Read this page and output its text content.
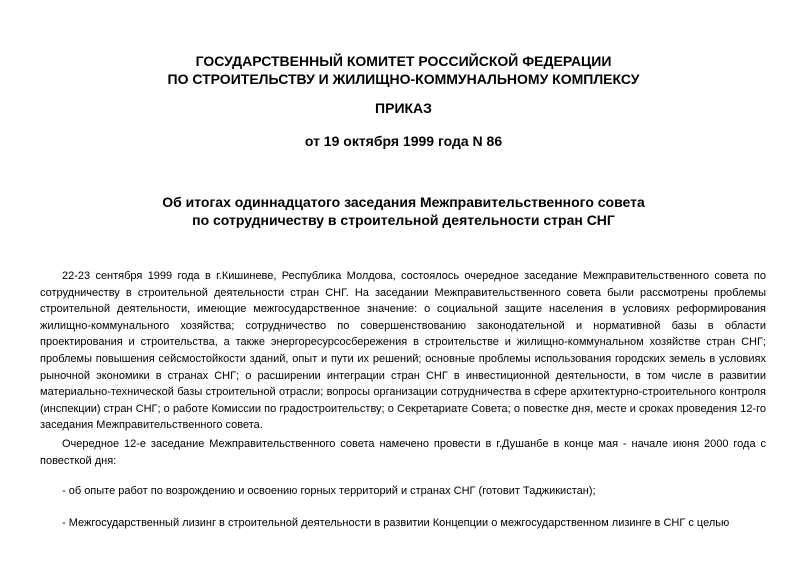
ГОСУДАРСТВЕННЫЙ КОМИТЕТ РОССИЙСКОЙ ФЕДЕРАЦИИ
ПО СТРОИТЕЛЬСТВУ И ЖИЛИЩНО-КОММУНАЛЬНОМУ КОМПЛЕКСУ
ПРИКАЗ
от 19 октября 1999 года N 86
Об итогах одиннадцатого заседания Межправительственного совета
по сотрудничеству в строительной деятельности стран СНГ

22-23 сентября 1999 года в г.Кишиневе, Республика Молдова, состоялось очередное заседание Межправительственного совета по сотрудничеству в строительной деятельности стран СНГ. На заседании Межправительственного совета были рассмотрены проблемы строительной деятельности, имеющие межгосударственное значение: о социальной защите населения в условиях реформирования жилищно-коммунального хозяйства; сотрудничество по совершенствованию законодательной и нормативной базы в области проектирования и строительства, а также энергоресурсосбережения в строительстве и жилищно-коммунальном хозяйстве стран СНГ; проблемы повышения сейсмостойкости зданий, опыт и пути их решений; основные проблемы использования городских земель в условиях рыночной экономики в странах СНГ; о расширении интеграции стран СНГ в инвестиционной деятельности, в том числе в развитии материально-технической базы строительной отрасли; вопросы организации сотрудничества в сфере архитектурно-строительного контроля (инспекции) стран СНГ; о работе Комиссии по градостроительству; о Секретариате Совета; о повестке дня, месте и сроках проведения 12-го заседания Межправительственного совета.

Очередное 12-е заседание Межправительственного совета намечено провести в г.Душанбе в конце мая - начале июня 2000 года с повесткой дня:

- об опыте работ по возрождению и освоению горных территорий и странах СНГ (готовит Таджикистан);

- Межгосударственный лизинг в строительной деятельности в развитии Концепции о межгосударственном лизинге в СНГ с целью
